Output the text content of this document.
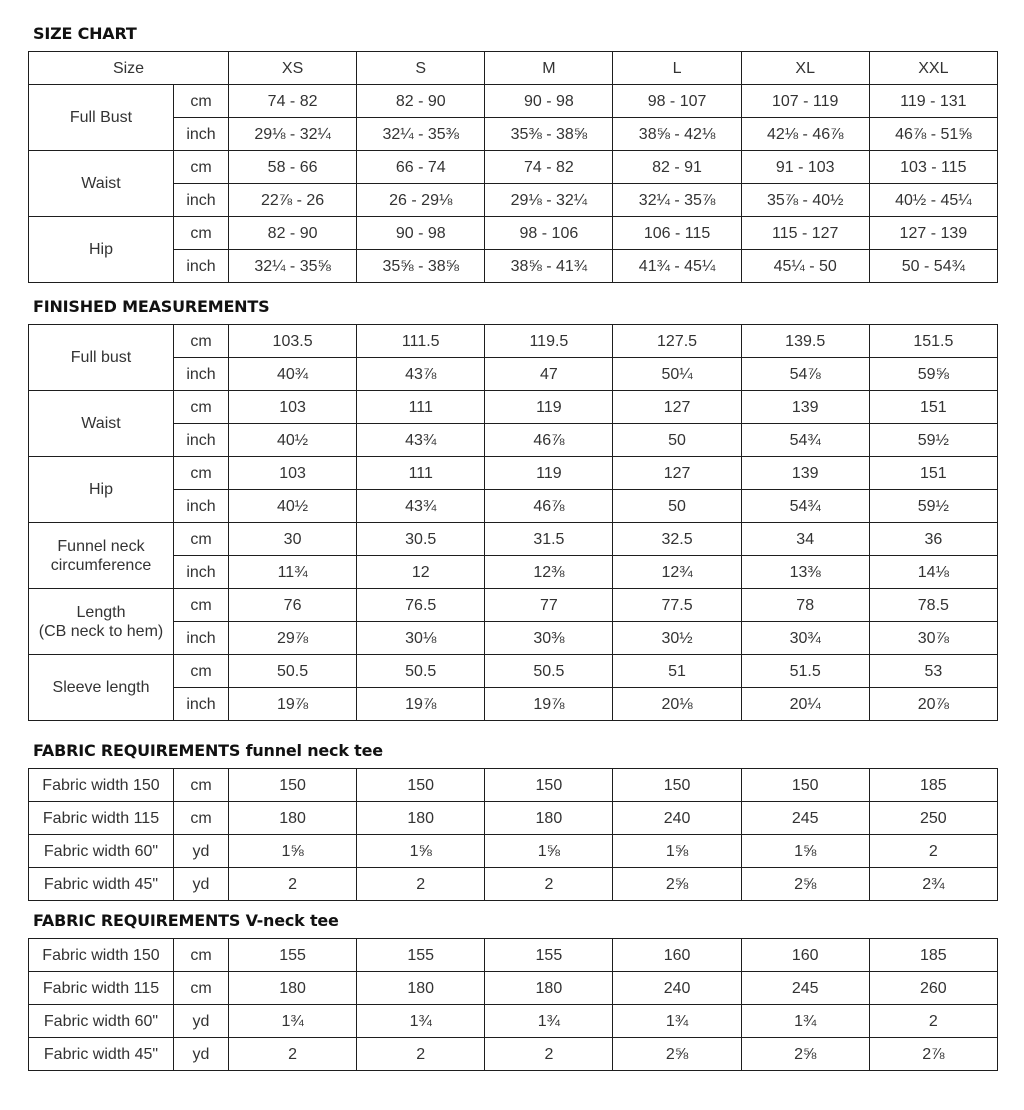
SIZE CHART
Size		XS	S	M	L	XL	XXL
Full Bust	cm	74 - 82	82 - 90	90 - 98	98 - 107	107 - 119	119 - 131
	inch	29⅛ - 32¼	32¼ - 35⅜	35⅜ - 38⅝	38⅝ - 42⅛	42⅛ - 46⅞	46⅞ - 51⅝
Waist	cm	58 - 66	66 - 74	74 - 82	82 - 91	91 - 103	103 - 115
	inch	22⅞ - 26	26 - 29⅛	29⅛ - 32¼	32¼ - 35⅞	35⅞ - 40½	40½ - 45¼
Hip	cm	82 - 90	90 - 98	98 - 106	106 - 115	115 - 127	127 - 139
	inch	32¼ - 35⅝	35⅝ - 38⅝	38⅝ - 41¾	41¾ - 45¼	45¼ - 50	50 - 54¾
FINISHED MEASUREMENTS
Full bust	cm	103.5	111.5	119.5	127.5	139.5	151.5
	inch	40¾	43⅞	47	50¼	54⅞	59⅝

Waist	cm	103	111	119	127	139	151
	inch	40½	43¾	46⅞	50	54¾	59½

Hip	cm	103	111	119	127	139	151
	inch	40½	43¾	46⅞	50	54¾	59½

Funnel neck
circumference	cm	30	30.5	31.5	32.5	34	36
	inch	11¾	12	12⅜	12¾	13⅜	14⅛

Length
(CB neck to hem)	cm	76	76.5	77	77.5	78	78.5
	inch	29⅞	30⅛	30⅜	30½	30¾	30⅞

Sleeve length	cm	50.5	50.5	50.5	51	51.5	53
	inch	19⅞	19⅞	19⅞	20⅛	20¼	20⅞
FABRIC REQUIREMENTS funnel neck tee
Fabric width 150	cm	150	150	150	150	150	185
Fabric width 115	cm	180	180	180	240	245	250
Fabric width 60"	yd	1⅝	1⅝	1⅝	1⅝	1⅝	2
Fabric width 45"	yd	2	2	2	2⅝	2⅝	2¾
FABRIC REQUIREMENTS V-neck tee
Fabric width 150	cm	155	155	155	160	160	185
Fabric width 115	cm	180	180	180	240	245	260
Fabric width 60"	yd	1¾	1¾	1¾	1¾	1¾	2
Fabric width 45"	yd	2	2	2	2⅝	2⅝	2⅞
